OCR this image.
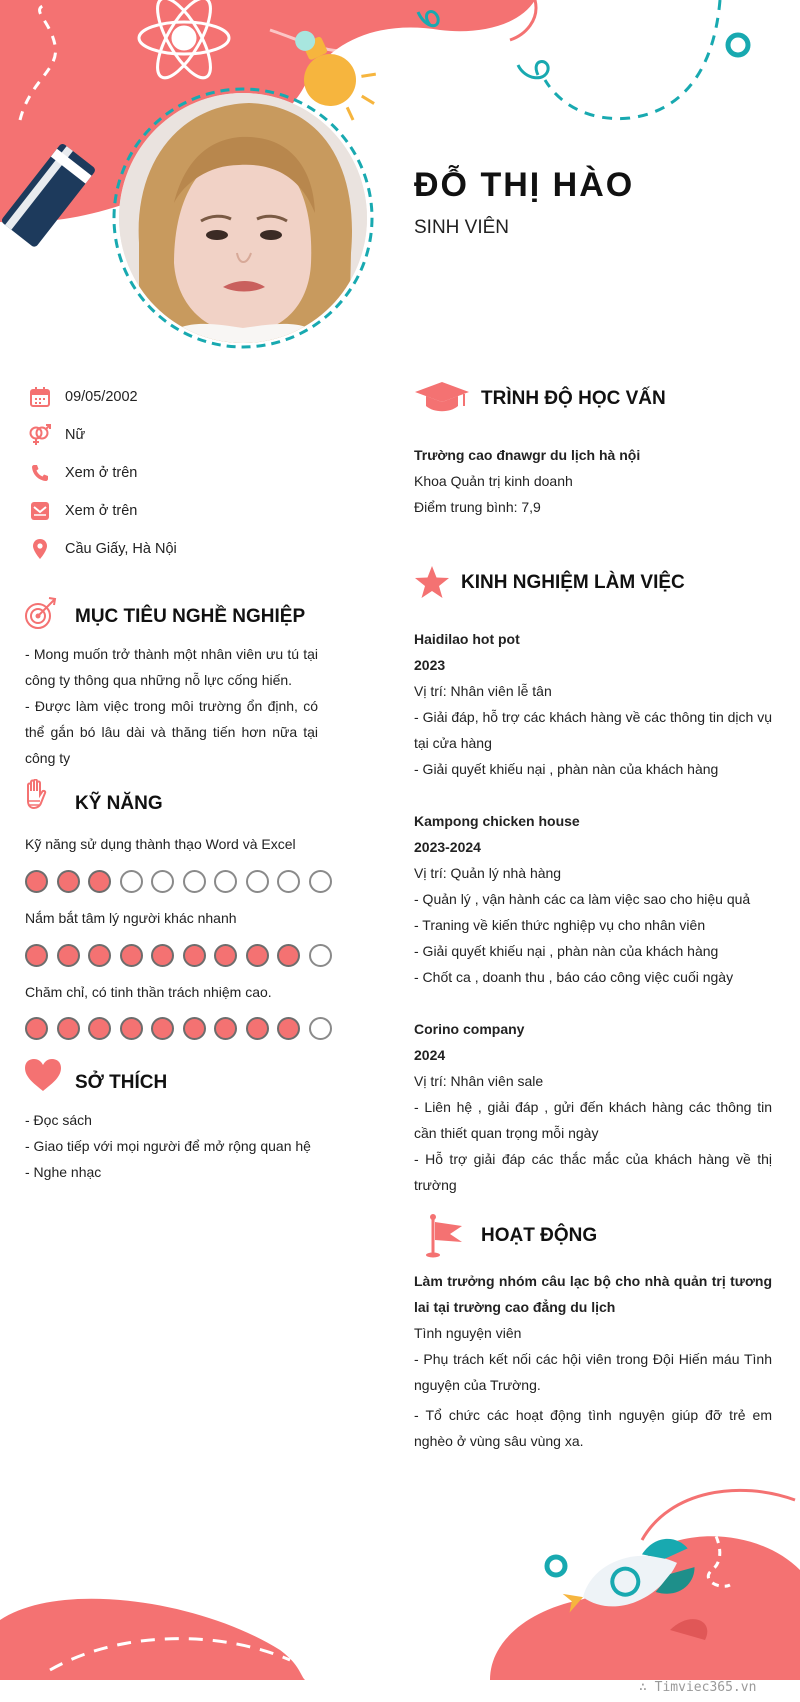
ĐỖ THỊ HÀO
SINH VIÊN
09/05/2002
Nữ
Xem ở trên
Xem ở trên
Cầu Giấy, Hà Nội
MỤC TIÊU NGHỀ NGHIỆP

- Mong muốn trở thành một nhân viên ưu tú tại công ty thông qua những nỗ lực cống hiến.

- Được làm việc trong môi trường ổn định, có thể gắn bó lâu dài và thăng tiến hơn nữa tại công ty

KỸ NĂNG
Kỹ năng sử dụng thành thạo Word và Excel
Nắm bắt tâm lý người khác nhanh
Chăm chỉ, có tinh thần trách nhiệm cao.
SỞ THÍCH

- Đọc sách

- Giao tiếp với mọi người để mở rộng quan hệ

- Nghe nhạc

TRÌNH ĐỘ HỌC VẤN
Trường cao đnawgr du lịch hà nội
Khoa Quản trị kinh doanh
Điểm trung bình: 7,9
KINH NGHIỆM LÀM VIỆC
Haidilao hot pot
2023
Vị trí: Nhân viên lễ tân
- Giải đáp, hỗ trợ các khách hàng về các thông tin dịch vụ tại cửa hàng
- Giải quyết khiếu nại , phàn nàn của khách hàng
Kampong chicken house
2023-2024
Vị trí: Quản lý nhà hàng
- Quản lý , vận hành các ca làm việc sao cho hiệu quả
- Traning về kiến thức nghiệp vụ cho nhân viên
- Giải quyết khiếu nại , phàn nàn của khách hàng
- Chốt ca , doanh thu , báo cáo công việc cuối ngày
Corino company
2024
Vị trí: Nhân viên sale
- Liên hệ , giải đáp , gửi đến khách hàng các thông tin cần thiết quan trọng mỗi ngày
- Hỗ trợ giải đáp các thắc mắc của khách hàng về thị trường
HOẠT ĐỘNG
Làm trưởng nhóm câu lạc bộ cho nhà quản trị tương lai tại trường cao đẳng du lịch
Tình nguyện viên
- Phụ trách kết nối các hội viên trong Đội Hiến máu Tình nguyện của Trường.
- Tổ chức các hoạt động tình nguyện giúp đỡ trẻ em nghèo ở vùng sâu vùng xa.
∴ Timviec365.vn
